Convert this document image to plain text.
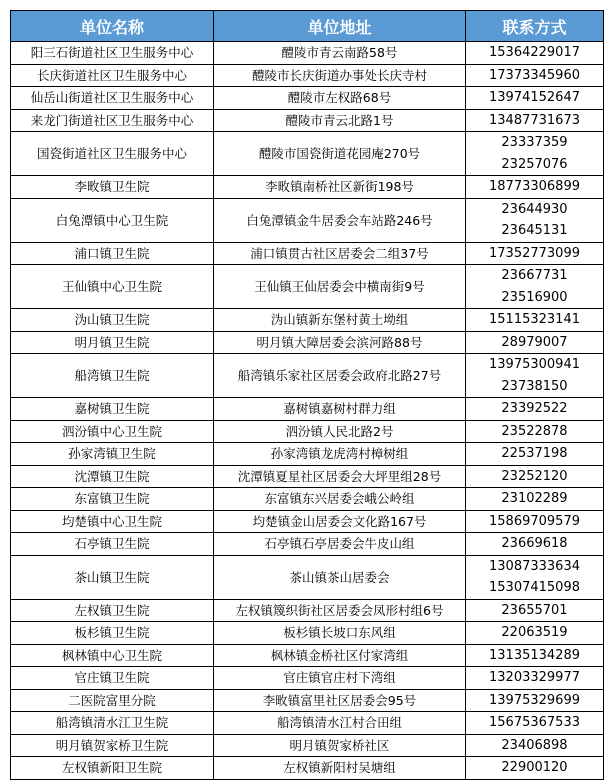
单位名称	单位地址	联系方式
阳三石街道社区卫生服务中心	醴陵市青云南路58号	15364229017

长庆街道社区卫生服务中心	醴陵市长庆街道办事处长庆寺村	17373345960

仙岳山街道社区卫生服务中心	醴陵市左权路68号	13974152647

来龙门街道社区卫生服务中心	醴陵市青云北路1号	13487731673

国瓷街道社区卫生服务中心	醴陵市国瓷街道花园庵270号	23337359
23257076

李畋镇卫生院	李畋镇南桥社区新街198号	18773306899

白兔潭镇中心卫生院	白兔潭镇金牛居委会车站路246号	23644930
23645131

浦口镇卫生院	浦口镇贯古社区居委会二组37号	17352773099

王仙镇中心卫生院	王仙镇王仙居委会中横南街9号	23667731
23516900

沩山镇卫生院	沩山镇新东堡村黄土坳组	15115323141

明月镇卫生院	明月镇大障居委会滨河路88号	28979007

船湾镇卫生院	船湾镇乐家社区居委会政府北路27号	13975300941
23738150

嘉树镇卫生院	嘉树镇嘉树村群力组	23392522

泗汾镇中心卫生院	泗汾镇人民北路2号	23522878

孙家湾镇卫生院	孙家湾镇龙虎湾村樟树组	22537198

沈潭镇卫生院	沈潭镇夏星社区居委会大坪里组28号	23252120

东富镇卫生院	东富镇东兴居委会峨公岭组	23102289

均楚镇中心卫生院	均楚镇金山居委会文化路167号	15869709579

石亭镇卫生院	石亭镇石亭居委会牛皮山组	23669618

茶山镇卫生院	茶山镇茶山居委会	13087333634
15307415098

左权镇卫生院	左权镇篾织街社区居委会凤形村组6号	23655701

板杉镇卫生院	板杉镇长坡口东风组	22063519

枫林镇中心卫生院	枫林镇金桥社区付家湾组	13135134289

官庄镇卫生院	官庄镇官庄村下湾组	13203329977

二医院富里分院	李畋镇富里社区居委会95号	13975329699

船湾镇清水江卫生院	船湾镇清水江村合田组	15675367533

明月镇贺家桥卫生院	明月镇贺家桥社区	23406898

左权镇新阳卫生院	左权镇新阳村吴塘组	22900120
